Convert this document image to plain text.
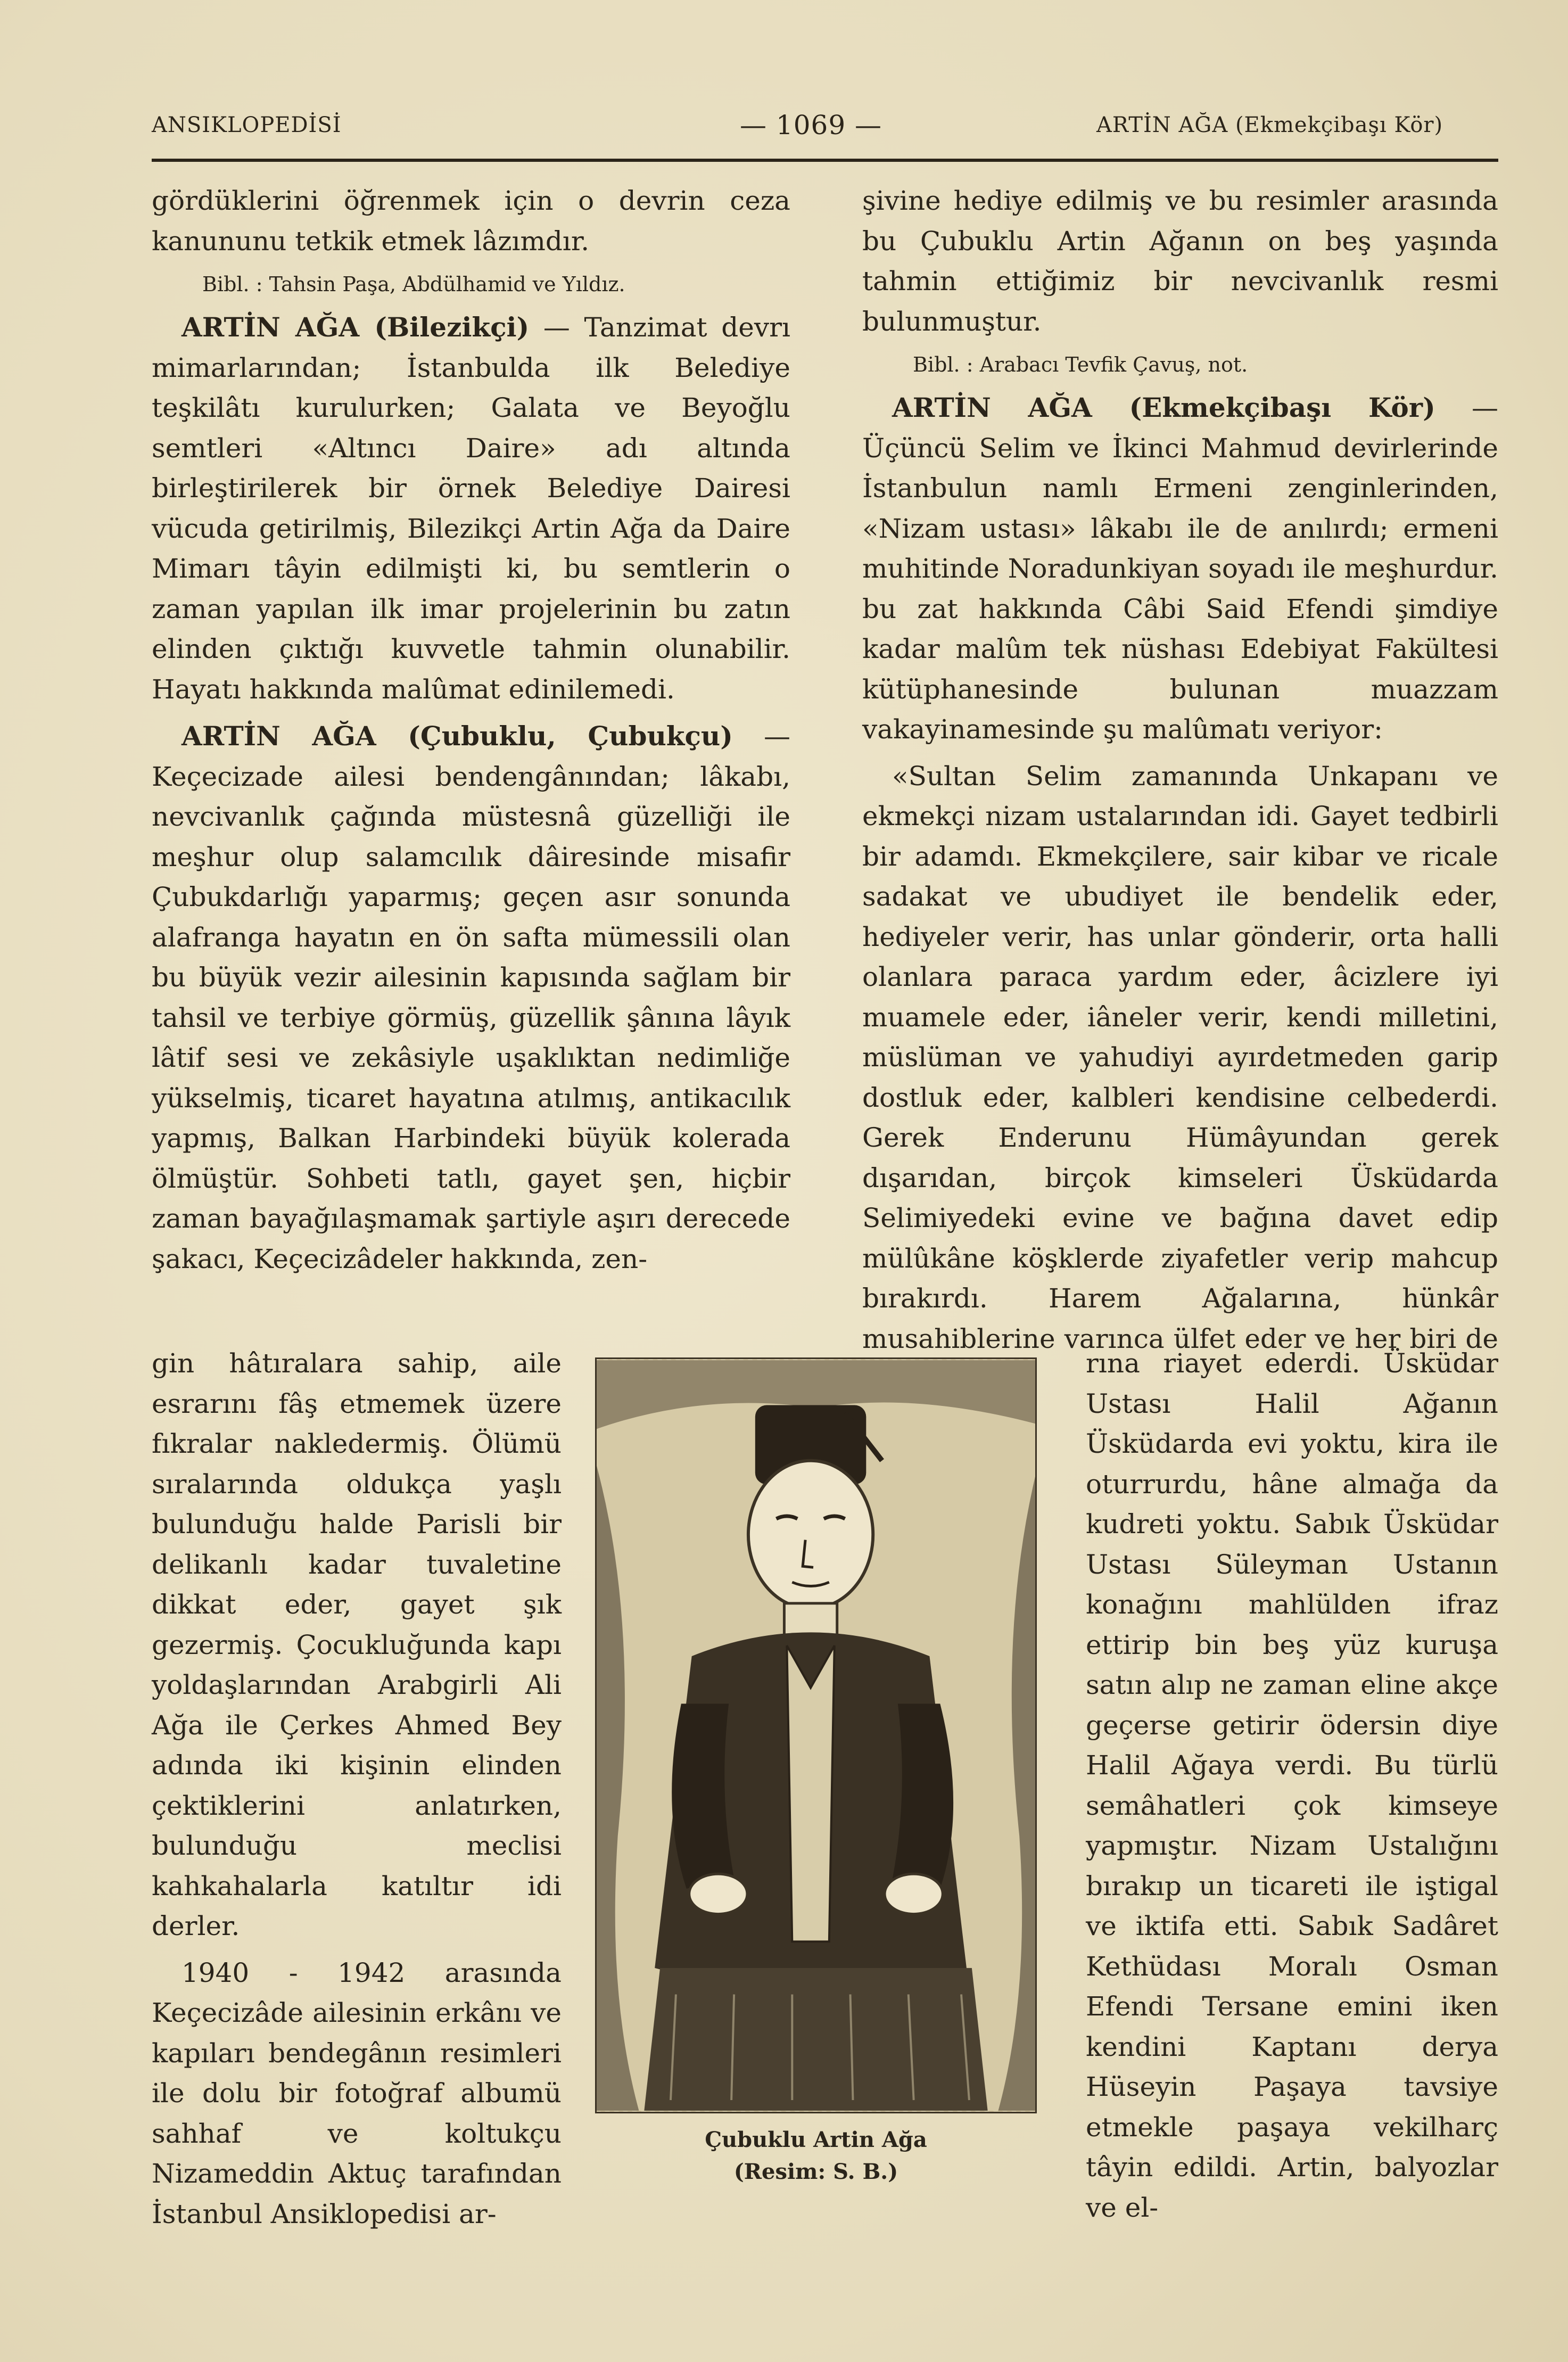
ANSIKLOPEDİSİ	— 1069 —	ARTİN AĞA (Ekmekçibaşı Kör)

gördüklerini öğrenmek için o devrin ceza kanununu tetkik etmek lâzımdır.

Bibl. : Tahsin Paşa, Abdülhamid ve Yıldız.

ARTİN AĞA (Bilezikçi) — Tanzimat devrı mimarlarından; İstanbulda ilk Belediye teşkilâtı kurulurken; Galata ve Beyoğlu semtleri «Altıncı Daire» adı altında birleştirilerek bir örnek Belediye Dairesi vücuda getirilmiş, Bilezikçi Artin Ağa da Daire Mimarı tâyin edilmişti ki, bu semtlerin o zaman yapılan ilk imar projelerinin bu zatın elinden çıktığı kuvvetle tahmin olunabilir. Hayatı hakkında malûmat edinilemedi.

ARTİN AĞA (Çubuklu, Çubukçu) — Keçecizade ailesi bendengânından; lâkabı, nevcivanlık çağında müstesnâ güzelliği ile meşhur olup salamcılık dâiresinde misafir Çubukdarlığı yaparmış; geçen asır sonunda alafranga hayatın en ön safta mümessili olan bu büyük vezir ailesinin kapısında sağlam bir tahsil ve terbiye görmüş, güzellik şânına lâyık lâtif sesi ve zekâsiyle uşaklıktan nedimliğe yükselmiş, ticaret hayatına atılmış, antikacılık yapmış, Balkan Harbindeki büyük kolerada ölmüştür. Sohbeti tatlı, gayet şen, hiçbir zaman bayağılaşmamak şartiyle aşırı derecede şakacı, Keçecizâdeler hakkında, zen-

gin hâtıralara sahip, aile esrarını fâş etmemek üzere fıkralar nakledermiş. Ölümü sıralarında oldukça yaşlı bulunduğu halde Parisli bir delikanlı kadar tuvaletine dikkat eder, gayet şık gezermiş. Çocukluğunda kapı yoldaşlarından Arabgirli Ali Ağa ile Çerkes Ahmed Bey adında iki kişinin elinden çektiklerini anlatırken, bulunduğu meclisi kahkahalarla katıltır idi derler.

1940 - 1942 arasında Keçecizâde ailesinin erkânı ve kapıları bendegânın resimleri ile dolu bir fotoğraf albumü sahhaf ve koltukçu Nizameddin Aktuç tarafından İstanbul Ansiklopedisi ar-

şivine hediye edilmiş ve bu resimler arasında bu Çubuklu Artin Ağanın on beş yaşında tahmin ettiğimiz bir nevcivanlık resmi bulunmuştur.

Bibl. : Arabacı Tevfik Çavuş, not.

ARTİN AĞA (Ekmekçibaşı Kör) — Üçüncü Selim ve İkinci Mahmud devirlerinde İstanbulun namlı Ermeni zenginlerinden, «Nizam ustası» lâkabı ile de anılırdı; ermeni muhitinde Noradunkiyan soyadı ile meşhurdur. bu zat hakkında Câbi Said Efendi şimdiye kadar malûm tek nüshası Edebiyat Fakültesi kütüphanesinde bulunan muazzam vakayinamesinde şu malûmatı veriyor:

«Sultan Selim zamanında Unkapanı ve ekmekçi nizam ustalarından idi. Gayet tedbirli bir adamdı. Ekmekçilere, sair kibar ve ricale sadakat ve ubudiyet ile bendelik eder, hediyeler verir, has unlar gönderir, orta halli olanlara paraca yardım eder, âcizlere iyi muamele eder, iâneler verir, kendi milletini, müslüman ve yahudiyi ayırdetmeden garip dostluk eder, kalbleri kendisine celbederdi. Gerek Enderunu Hümâyundan gerek dışarıdan, birçok kimseleri Üsküdarda Selimiyedeki evine ve bağına davet edip mülûkâne köşklerde ziyafetler verip mahcup bırakırdı. Harem Ağalarına, hünkâr musahiblerine varınca ülfet eder ve her biri de

rına riayet ederdi. Üsküdar Ustası Halil Ağanın Üsküdarda evi yoktu, kira ile oturrurdu, hâne almağa da kudreti yoktu. Sabık Üsküdar Ustası Süleyman Ustanın konağını mahlülden ifraz ettirip bin beş yüz kuruşa satın alıp ne zaman eline akçe geçerse getirir ödersin diye Halil Ağaya verdi. Bu türlü semâhatleri çok kimseye yapmıştır. Nizam Ustalığını bırakıp un ticareti ile iştigal ve iktifa etti. Sabık Sadâret Kethüdası Moralı Osman Efendi Tersane emini iken kendini Kaptanı derya Hüseyin Paşaya tavsiye etmekle paşaya vekilharç tâyin edildi. Artin, balyozlar ve el-

Çubuklu Artin Ağa
(Resim: S. B.)
